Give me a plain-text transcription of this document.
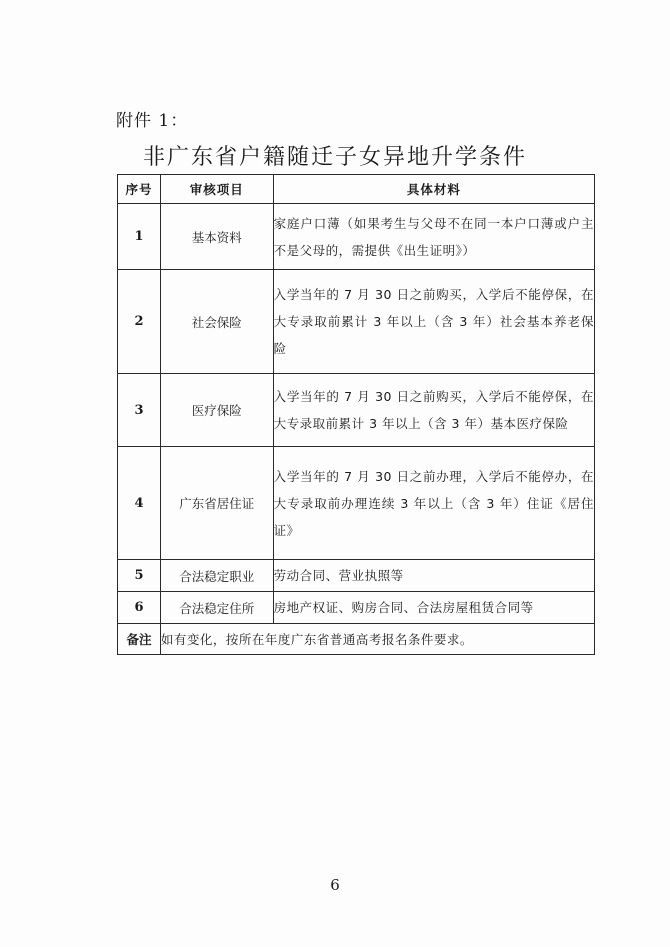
附件 1：
非广东省户籍随迁子女异地升学条件
序号	审核项目	具体材料
1	基本资料	家庭户口薄（如果考生与父母不在同一本户口薄或户主不是父母的，需提供《出生证明》）
2	社会保险	入学当年的 7 月 30 日之前购买，入学后不能停保，在大专录取前累计 3 年以上（含 3 年）社会基本养老保险
3	医疗保险	入学当年的 7 月 30 日之前购买，入学后不能停保，在大专录取前累计 3 年以上（含 3 年）基本医疗保险
4	广东省居住证	入学当年的 7 月 30 日之前办理，入学后不能停办，在大专录取前办理连续 3 年以上（含 3 年）住证《居住证》
5	合法稳定职业	劳动合同、营业执照等
6	合法稳定住所	房地产权证、购房合同、合法房屋租赁合同等
备注	如有变化，按所在年度广东省普通高考报名条件要求。	
6
